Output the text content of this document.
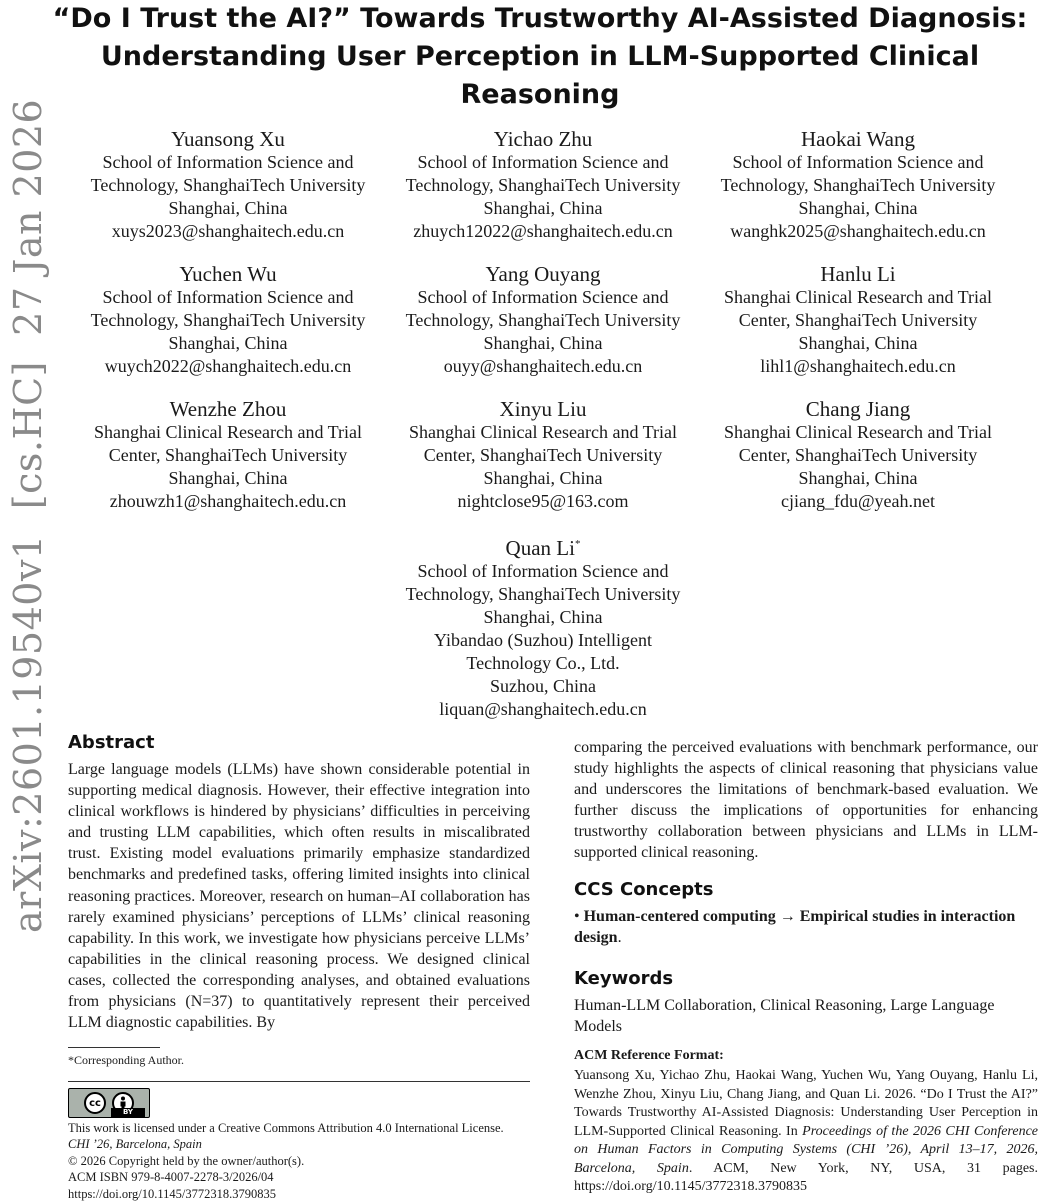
arXiv:2601.19540v1  [cs.HC]  27 Jan 2026
“Do I Trust the AI?” Towards Trustworthy AI-Assisted Diagnosis: Understanding User Perception in LLM-Supported Clinical Reasoning
Yuansong Xu
School of Information Science and
Technology, ShanghaiTech University
Shanghai, China
xuys2023@shanghaitech.edu.cn
Yichao Zhu
School of Information Science and
Technology, ShanghaiTech University
Shanghai, China
zhuych12022@shanghaitech.edu.cn
Haokai Wang
School of Information Science and
Technology, ShanghaiTech University
Shanghai, China
wanghk2025@shanghaitech.edu.cn
Yuchen Wu
School of Information Science and
Technology, ShanghaiTech University
Shanghai, China
wuych2022@shanghaitech.edu.cn
Yang Ouyang
School of Information Science and
Technology, ShanghaiTech University
Shanghai, China
ouyy@shanghaitech.edu.cn
Hanlu Li
Shanghai Clinical Research and Trial
Center, ShanghaiTech University
Shanghai, China
lihl1@shanghaitech.edu.cn
Wenzhe Zhou
Shanghai Clinical Research and Trial
Center, ShanghaiTech University
Shanghai, China
zhouwzh1@shanghaitech.edu.cn
Xinyu Liu
Shanghai Clinical Research and Trial
Center, ShanghaiTech University
Shanghai, China
nightclose95@163.com
Chang Jiang
Shanghai Clinical Research and Trial
Center, ShanghaiTech University
Shanghai, China
cjiang_fdu@yeah.net
Quan Li*
School of Information Science and
Technology, ShanghaiTech University
Shanghai, China
Yibandao (Suzhou) Intelligent
Technology Co., Ltd.
Suzhou, China
liquan@shanghaitech.edu.cn
Abstract

Large language models (LLMs) have shown considerable potential in supporting medical diagnosis. However, their effective integration into clinical workflows is hindered by physicians’ difficulties in perceiving and trusting LLM capabilities, which often results in miscalibrated trust. Existing model evaluations primarily emphasize standardized benchmarks and predefined tasks, offering limited insights into clinical reasoning practices. Moreover, research on human–AI collaboration has rarely examined physicians’ perceptions of LLMs’ clinical reasoning capability. In this work, we investigate how physicians perceive LLMs’ capabilities in the clinical reasoning process. We designed clinical cases, collected the corresponding analyses, and obtained evaluations from physicians (N=37) to quantitatively represent their perceived LLM diagnostic capabilities. By

*Corresponding Author.
cc
BY
This work is licensed under a Creative Commons Attribution 4.0 International License.
CHI ’26, Barcelona, Spain
© 2026 Copyright held by the owner/author(s).
ACM ISBN 979-8-4007-2278-3/2026/04
https://doi.org/10.1145/3772318.3790835

comparing the perceived evaluations with benchmark performance, our study highlights the aspects of clinical reasoning that physicians value and underscores the limitations of benchmark-based evaluation. We further discuss the implications of opportunities for enhancing trustworthy collaboration between physicians and LLMs in LLM-supported clinical reasoning.

CCS Concepts

• Human-centered computing → Empirical studies in interaction design.

Keywords

Human-LLM Collaboration, Clinical Reasoning, Large Language Models

ACM Reference Format:

Yuansong Xu, Yichao Zhu, Haokai Wang, Yuchen Wu, Yang Ouyang, Hanlu Li, Wenzhe Zhou, Xinyu Liu, Chang Jiang, and Quan Li. 2026. “Do I Trust the AI?” Towards Trustworthy AI-Assisted Diagnosis: Understanding User Perception in LLM-Supported Clinical Reasoning. In Proceedings of the 2026 CHI Conference on Human Factors in Computing Systems (CHI ’26), April 13–17, 2026, Barcelona, Spain. ACM, New York, NY, USA, 31 pages. https://doi.org/10.1145/3772318.3790835
